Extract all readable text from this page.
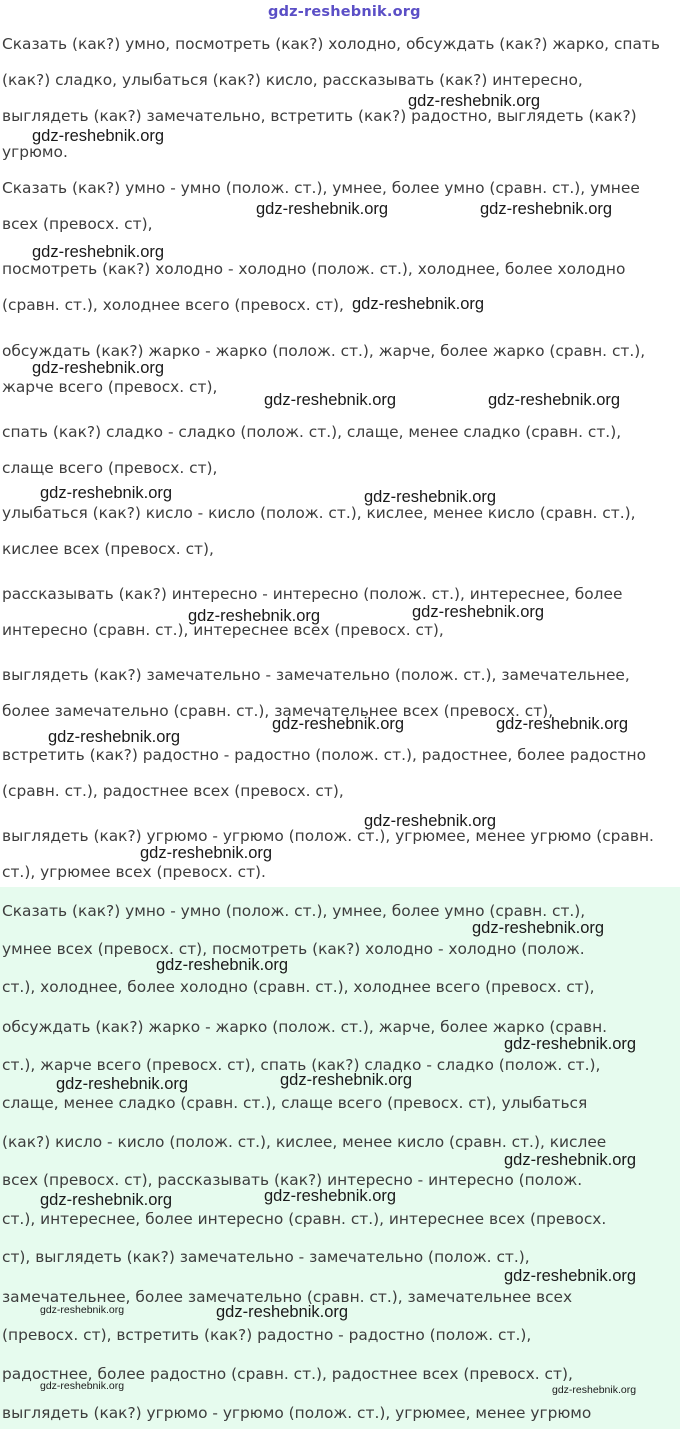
gdz-reshebnik.org
Сказать (как?) умно, посмотреть (как?) холодно, обсуждать (как?) жарко, спать
(как?) сладко, улыбаться (как?) кисло, рассказывать (как?) интересно,
выглядеть (как?) замечательно, встретить (как?) радостно, выглядеть (как?)
угрюмо.
Сказать (как?) умно - умно (полож. ст.), умнее, более умно (сравн. ст.), умнее
всех (превосх. ст),
посмотреть (как?) холодно - холодно (полож. ст.), холоднее, более холодно
(сравн. ст.), холоднее всего (превосх. ст),
обсуждать (как?) жарко - жарко (полож. ст.), жарче, более жарко (сравн. ст.),
жарче всего (превосх. ст),
спать (как?) сладко - сладко (полож. ст.), слаще, менее сладко (сравн. ст.),
слаще всего (превосх. ст),
улыбаться (как?) кисло - кисло (полож. ст.), кислее, менее кисло (сравн. ст.),
кислее всех (превосх. ст),
рассказывать (как?) интересно - интересно (полож. ст.), интереснее, более
интересно (сравн. ст.), интереснее всех (превосх. ст),
выглядеть (как?) замечательно - замечательно (полож. ст.), замечательнее,
более замечательно (сравн. ст.), замечательнее всех (превосх. ст),
встретить (как?) радостно - радостно (полож. ст.), радостнее, более радостно
(сравн. ст.), радостнее всех (превосх. ст),
выглядеть (как?) угрюмо - угрюмо (полож. ст.), угрюмее, менее угрюмо (сравн.
ст.), угрюмее всех (превосх. ст).
Сказать (как?) умно - умно (полож. ст.), умнее, более умно (сравн. ст.),
умнее всех (превосх. ст), посмотреть (как?) холодно - холодно (полож.
ст.), холоднее, более холодно (сравн. ст.), холоднее всего (превосх. ст),
обсуждать (как?) жарко - жарко (полож. ст.), жарче, более жарко (сравн.
ст.), жарче всего (превосх. ст), спать (как?) сладко - сладко (полож. ст.),
слаще, менее сладко (сравн. ст.), слаще всего (превосх. ст), улыбаться
(как?) кисло - кисло (полож. ст.), кислее, менее кисло (сравн. ст.), кислее
всех (превосх. ст), рассказывать (как?) интересно - интересно (полож.
ст.), интереснее, более интересно (сравн. ст.), интереснее всех (превосх.
ст), выглядеть (как?) замечательно - замечательно (полож. ст.),
замечательнее, более замечательно (сравн. ст.), замечательнее всех
(превосх. ст), встретить (как?) радостно - радостно (полож. ст.),
радостнее, более радостно (сравн. ст.), радостнее всех (превосх. ст),
выглядеть (как?) угрюмо - угрюмо (полож. ст.), угрюмее, менее угрюмо
gdz-reshebnik.org
gdz-reshebnik.org
gdz-reshebnik.org	gdz-reshebnik.org
gdz-reshebnik.org
gdz-reshebnik.org
gdz-reshebnik.org
gdz-reshebnik.org	gdz-reshebnik.org
gdz-reshebnik.org	gdz-reshebnik.org
gdz-reshebnik.org
gdz-reshebnik.org
gdz-reshebnik.org	gdz-reshebnik.org
gdz-reshebnik.org
gdz-reshebnik.org
gdz-reshebnik.org
gdz-reshebnik.org
gdz-reshebnik.org
gdz-reshebnik.org
gdz-reshebnik.org
gdz-reshebnik.org
gdz-reshebnik.org
gdz-reshebnik.org
gdz-reshebnik.org
gdz-reshebnik.org
gdz-reshebnik.org	gdz-reshebnik.org
gdz-reshebnik.org	gdz-reshebnik.org
